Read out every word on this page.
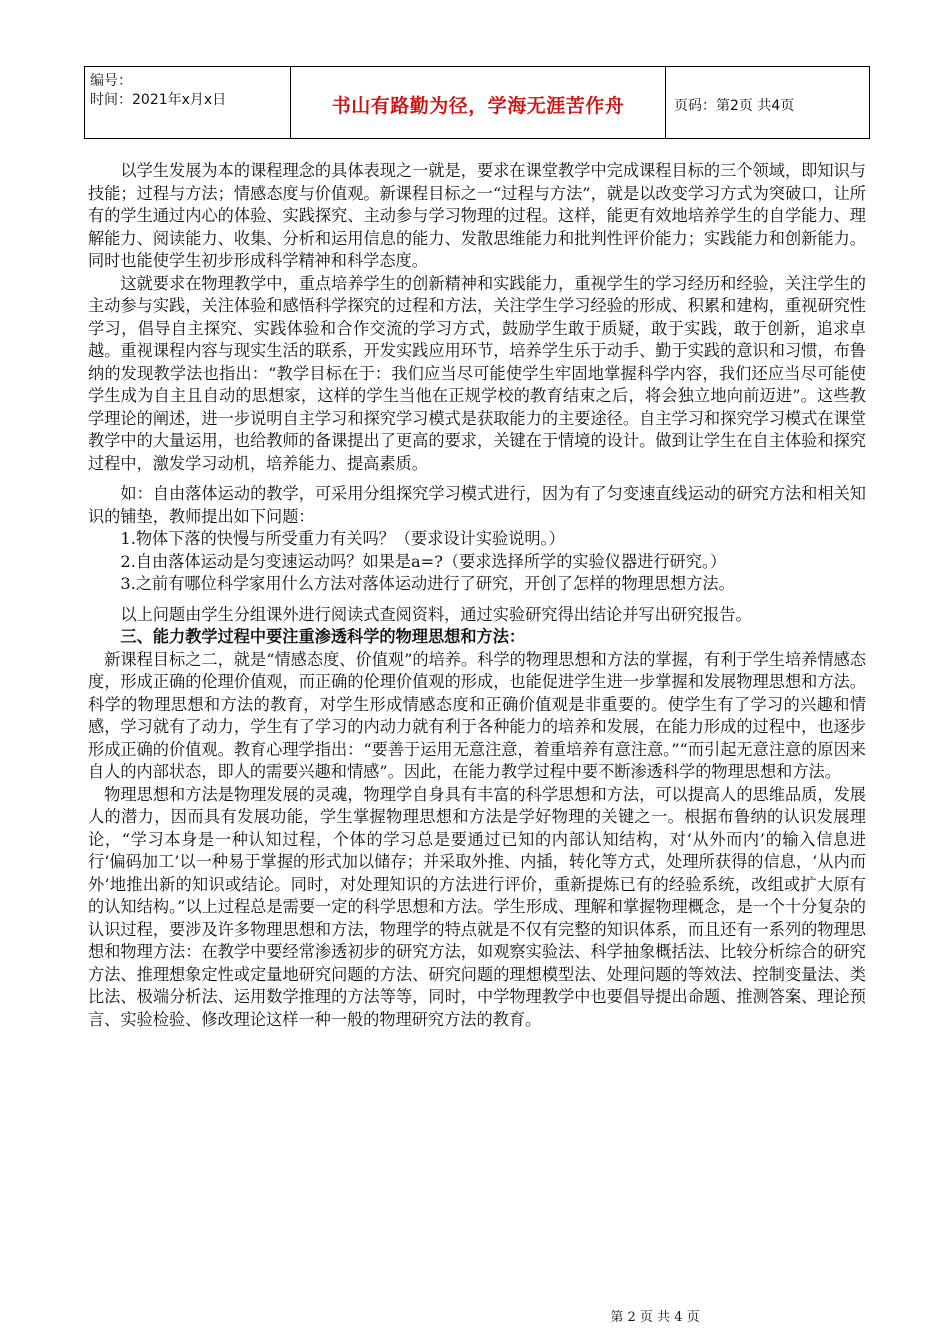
编号：
时间：2021年x月x日	书山有路勤为径，学海无涯苦作舟	页码：第2页 共4页

以学生发展为本的课程理念的具体表现之一就是，要求在课堂教学中完成课程目标的三个领域，即知识与技能；过程与方法；情感态度与价值观。新课程目标之一“过程与方法”，就是以改变学习方式为突破口，让所有的学生通过内心的体验、实践探究、主动参与学习物理的过程。这样，能更有效地培养学生的自学能力、理解能力、阅读能力、收集、分析和运用信息的能力、发散思维能力和批判性评价能力；实践能力和创新能力。同时也能使学生初步形成科学精神和科学态度。

这就要求在物理教学中，重点培养学生的创新精神和实践能力，重视学生的学习经历和经验，关注学生的主动参与实践，关注体验和感悟科学探究的过程和方法，关注学生学习经验的形成、积累和建构，重视研究性学习，倡导自主探究、实践体验和合作交流的学习方式，鼓励学生敢于质疑，敢于实践，敢于创新，追求卓越。重视课程内容与现实生活的联系，开发实践应用环节，培养学生乐于动手、勤于实践的意识和习惯，布鲁纳的发现教学法也指出：“教学目标在于：我们应当尽可能使学生牢固地掌握科学内容，我们还应当尽可能使学生成为自主且自动的思想家，这样的学生当他在正规学校的教育结束之后，将会独立地向前迈进”。这些教学理论的阐述，进一步说明自主学习和探究学习模式是获取能力的主要途径。自主学习和探究学习模式在课堂教学中的大量运用，也给教师的备课提出了更高的要求，关键在于情境的设计。做到让学生在自主体验和探究过程中，激发学习动机，培养能力、提高素质。

如：自由落体运动的教学，可采用分组探究学习模式进行，因为有了匀变速直线运动的研究方法和相关知识的铺垫，教师提出如下问题：

1.物体下落的快慢与所受重力有关吗？（要求设计实验说明。）

2.自由落体运动是匀变速运动吗？如果是a=?（要求选择所学的实验仪器进行研究。）

3.之前有哪位科学家用什么方法对落体运动进行了研究，开创了怎样的物理思想方法。

以上问题由学生分组课外进行阅读式查阅资料，通过实验研究得出结论并写出研究报告。

三、能力教学过程中要注重渗透科学的物理思想和方法：

新课程目标之二，就是“情感态度、价值观”的培养。科学的物理思想和方法的掌握，有利于学生培养情感态度，形成正确的伦理价值观，而正确的伦理价值观的形成，也能促进学生进一步掌握和发展物理思想和方法。科学的物理思想和方法的教育，对学生形成情感态度和正确价值观是非重要的。使学生有了学习的兴趣和情感，学习就有了动力，学生有了学习的内动力就有利于各种能力的培养和发展，在能力形成的过程中，也逐步形成正确的价值观。教育心理学指出：“要善于运用无意注意，着重培养有意注意。”“而引起无意注意的原因来自人的内部状态，即人的需要兴趣和情感”。因此，在能力教学过程中要不断渗透科学的物理思想和方法。

物理思想和方法是物理发展的灵魂，物理学自身具有丰富的科学思想和方法，可以提高人的思维品质，发展人的潜力，因而具有发展功能，学生掌握物理思想和方法是学好物理的关键之一。根据布鲁纳的认识发展理论，“学习本身是一种认知过程，个体的学习总是要通过已知的内部认知结构，对‘从外而内’的输入信息进行‘偏码加工’以一种易于掌握的形式加以储存；并采取外推、内插，转化等方式，处理所获得的信息，‘从内而外’地推出新的知识或结论。同时，对处理知识的方法进行评价，重新提炼已有的经验系统，改组或扩大原有的认知结构。”以上过程总是需要一定的科学思想和方法。学生形成、理解和掌握物理概念，是一个十分复杂的认识过程，要涉及许多物理思想和方法，物理学的特点就是不仅有完整的知识体系，而且还有一系列的物理思想和物理方法：在教学中要经常渗透初步的研究方法，如观察实验法、科学抽象概括法、比较分析综合的研究方法、推理想象定性或定量地研究问题的方法、研究问题的理想模型法、处理问题的等效法、控制变量法、类比法、极端分析法、运用数学推理的方法等等，同时，中学物理教学中也要倡导提出命题、推测答案、理论预言、实验检验、修改理论这样一种一般的物理研究方法的教育。

第 2 页 共 4 页
